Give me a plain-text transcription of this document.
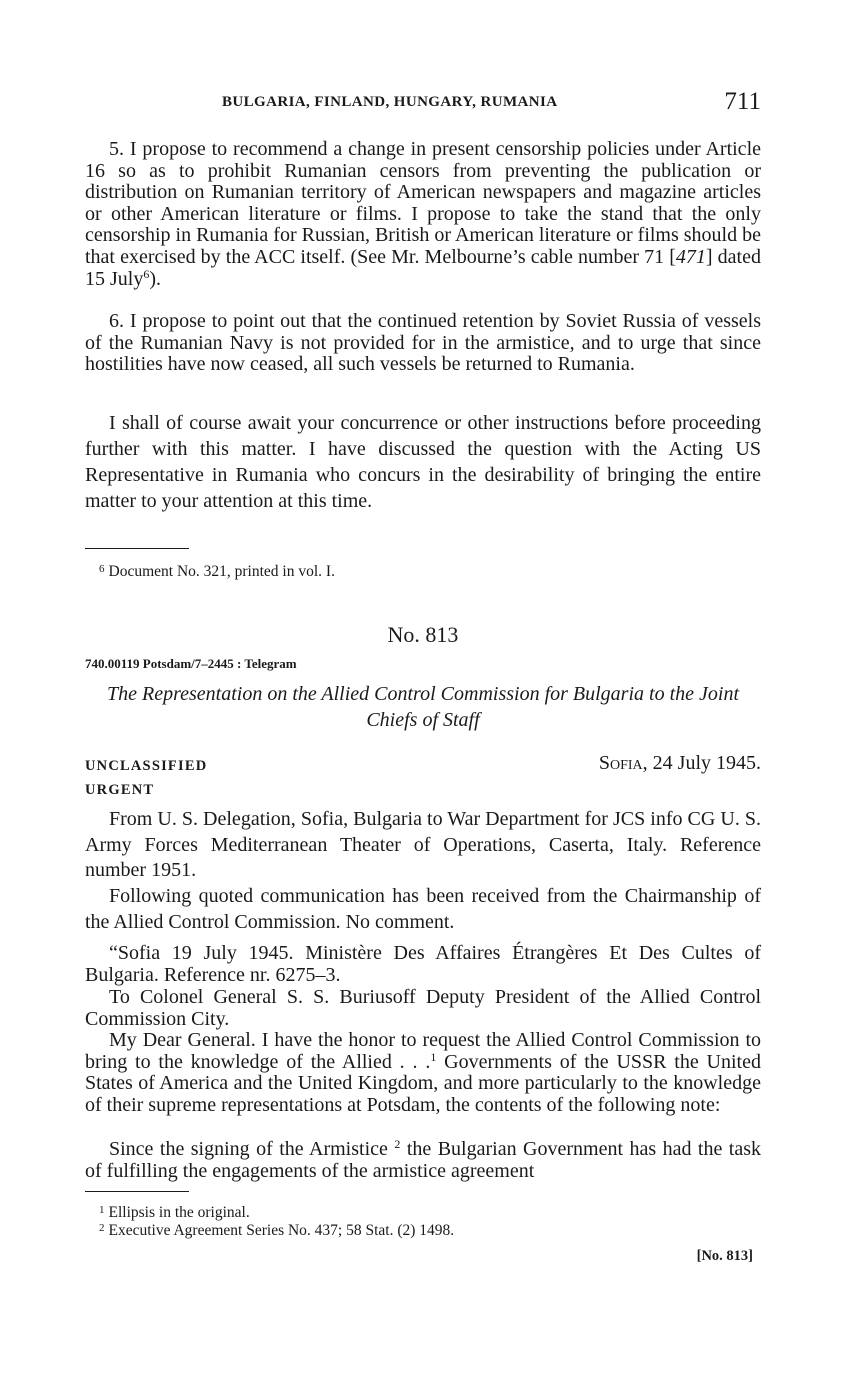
BULGARIA, FINLAND, HUNGARY, RUMANIA	711

5. I propose to recommend a change in present censorship policies under Article 16 so as to prohibit Rumanian censors from preventing the publication or distribution on Rumanian territory of American newspapers and magazine articles or other American literature or films. I propose to take the stand that the only censorship in Rumania for Russian, British or American literature or films should be that exercised by the ACC itself. (See Mr. Melbourne’s cable number 71 [471] dated 15 July$^6$).

6. I propose to point out that the continued retention by Soviet Russia of vessels of the Rumanian Navy is not provided for in the armistice, and to urge that since hostilities have now ceased, all such vessels be returned to Rumania.

I shall of course await your concurrence or other instructions before proceeding further with this matter. I have discussed the question with the Acting US Representative in Rumania who concurs in the desirability of bringing the entire matter to your attention at this time.

$^6$ Document No. 321, printed in vol. I.
No. 813
740.00119 Potsdam/7–2445 : Telegram
The Representation on the Allied Control Commission for Bulgaria to the Joint Chiefs of Staff
UNCLASSIFIED
URGENT
Sofia, 24 July 1945.

From U. S. Delegation, Sofia, Bulgaria to War Department for JCS info CG U. S. Army Forces Mediterranean Theater of Operations, Caserta, Italy. Reference number 1951.

Following quoted communication has been received from the Chairmanship of the Allied Control Commission. No comment.

“Sofia 19 July 1945. Ministère Des Affaires Étrangères Et Des Cultes of Bulgaria. Reference nr. 6275–3.

To Colonel General S. S. Buriusoff Deputy President of the Allied Control Commission City.

My Dear General. I have the honor to request the Allied Control Commission to bring to the knowledge of the Allied . . .$^1$ Governments of the USSR the United States of America and the United Kingdom, and more particularly to the knowledge of their supreme representations at Potsdam, the contents of the following note:

Since the signing of the Armistice $^2$ the Bulgarian Government has had the task of fulfilling the engagements of the armistice agreement

$^1$ Ellipsis in the original.
$^2$ Executive Agreement Series No. 437; 58 Stat. (2) 1498.
[No. 813]
